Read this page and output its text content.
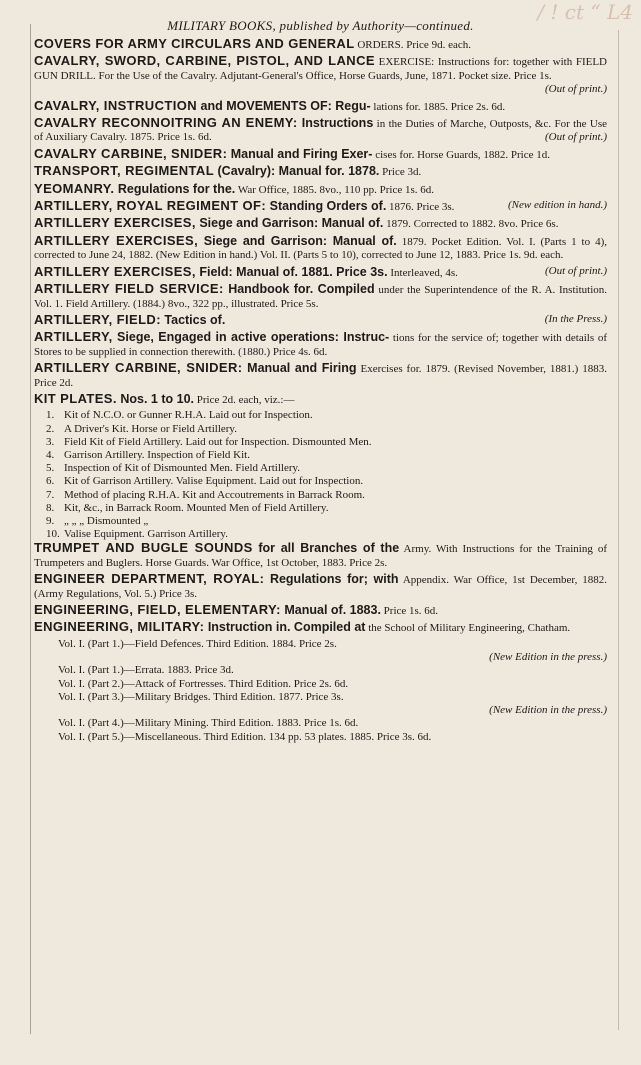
/ ! ct “ L4
MILITARY BOOKS, published by Authority—continued.
COVERS FOR ARMY CIRCULARS AND GENERAL ORDERS. Price 9d. each.
CAVALRY, SWORD, CARBINE, PISTOL, AND LANCE EXERCISE: Instructions for: together with FIELD GUN DRILL. For the Use of the Cavalry. Adjutant-General's Office, Horse Guards, June, 1871. Pocket size. Price 1s.
(Out of print.)
CAVALRY, INSTRUCTION and MOVEMENTS OF: Regu- lations for. 1885. Price 2s. 6d.
CAVALRY RECONNOITRING AN ENEMY: Instructions in the Duties of Marche, Outposts, &c. For the Use of Auxiliary Cavalry. 1875. Price 1s. 6d.	(Out of print.)
CAVALRY CARBINE, SNIDER: Manual and Firing Exer- cises for. Horse Guards, 1882. Price 1d.
TRANSPORT, REGIMENTAL (Cavalry): Manual for. 1878. Price 3d.
YEOMANRY. Regulations for the. War Office, 1885. 8vo., 110 pp. Price 1s. 6d.
ARTILLERY, ROYAL REGIMENT OF: Standing Orders of. 1876. Price 3s.	(New edition in hand.)
ARTILLERY EXERCISES, Siege and Garrison: Manual of. 1879. Corrected to 1882. 8vo. Price 6s.
ARTILLERY EXERCISES, Siege and Garrison: Manual of. 1879. Pocket Edition. Vol. I. (Parts 1 to 4), corrected to June 24, 1882. (New Edition in hand.) Vol. II. (Parts 5 to 10), corrected to June 12, 1883. Price 1s. 9d. each.
ARTILLERY EXERCISES, Field: Manual of. 1881. Price 3s. Interleaved, 4s.	(Out of print.)
ARTILLERY FIELD SERVICE: Handbook for. Compiled under the Superintendence of the R. A. Institution. Vol. 1. Field Artillery. (1884.) 8vo., 322 pp., illustrated. Price 5s.
ARTILLERY, FIELD: Tactics of.	(In the Press.)
ARTILLERY, Siege, Engaged in active operations: Instruc- tions for the service of; together with details of Stores to be supplied in connection therewith. (1880.) Price 4s. 6d.
ARTILLERY CARBINE, SNIDER: Manual and Firing Exercises for. 1879. (Revised November, 1881.) 1883. Price 2d.
KIT PLATES. Nos. 1 to 10. Price 2d. each, viz.:—
1. Kit of N.C.O. or Gunner R.H.A. Laid out for Inspection.
2. A Driver's Kit. Horse or Field Artillery.
3. Field Kit of Field Artillery. Laid out for Inspection. Dismounted Men.
4. Garrison Artillery. Inspection of Field Kit.
5. Inspection of Kit of Dismounted Men. Field Artillery.
6. Kit of Garrison Artillery. Valise Equipment. Laid out for Inspection.
7. Method of placing R.H.A. Kit and Accoutrements in Barrack Room.
8. Kit, &c., in Barrack Room. Mounted Men of Field Artillery.
9. „ „ „ Dismounted „
10. Valise Equipment. Garrison Artillery.
TRUMPET AND BUGLE SOUNDS for all Branches of the Army. With Instructions for the Training of Trumpeters and Buglers. Horse Guards. War Office, 1st October, 1883. Price 2s.
ENGINEER DEPARTMENT, ROYAL: Regulations for; with Appendix. War Office, 1st December, 1882. (Army Regulations, Vol. 5.) Price 3s.
ENGINEERING, FIELD, ELEMENTARY: Manual of. 1883. Price 1s. 6d.
ENGINEERING, MILITARY: Instruction in. Compiled at the School of Military Engineering, Chatham.
Vol. I. (Part 1.)—Field Defences. Third Edition. 1884. Price 2s.
(New Edition in the press.)
Vol. I. (Part 1.)—Errata. 1883. Price 3d.
Vol. I. (Part 2.)—Attack of Fortresses. Third Edition. Price 2s. 6d.
Vol. I. (Part 3.)—Military Bridges. Third Edition. 1877. Price 3s.
(New Edition in the press.)
Vol. I. (Part 4.)—Military Mining. Third Edition. 1883. Price 1s. 6d.
Vol. I. (Part 5.)—Miscellaneous. Third Edition. 134 pp. 53 plates. 1885. Price 3s. 6d.
